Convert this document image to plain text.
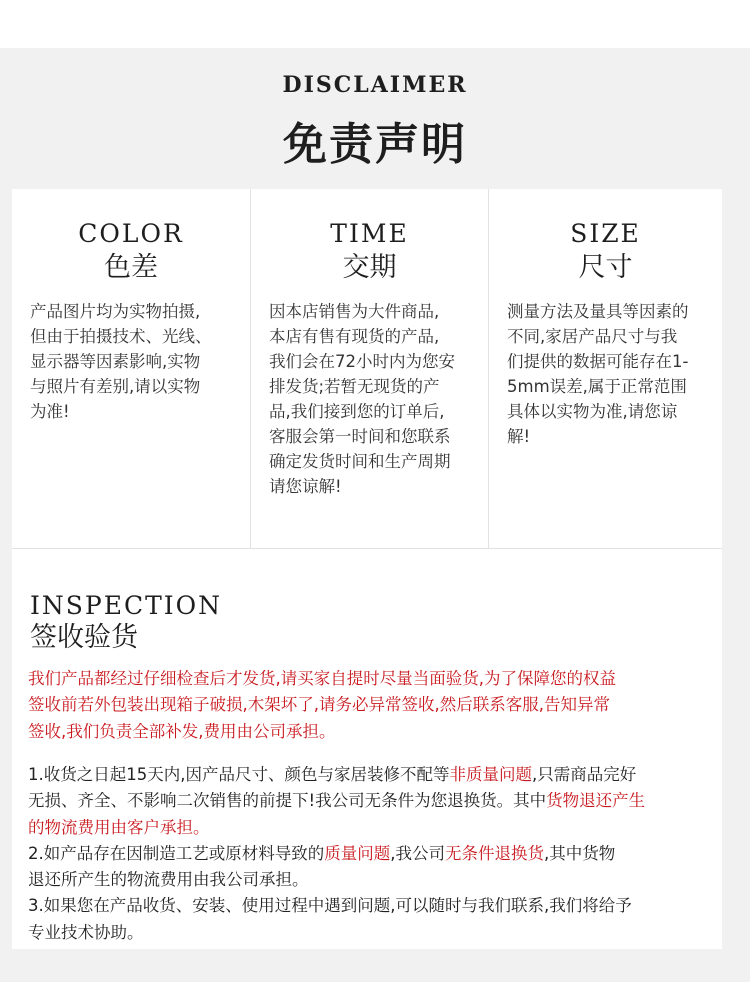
DISCLAIMER
免责声明
COLOR
色差
产品图片均为实物拍摄,
但由于拍摄技术、光线、
显示器等因素影响,实物
与照片有差别,请以实物
为准!
TIME
交期
因本店销售为大件商品,
本店有售有现货的产品,
我们会在72小时内为您安
排发货;若暂无现货的产
品,我们接到您的订单后,
客服会第一时间和您联系
确定发货时间和生产周期
请您谅解!
SIZE
尺寸
测量方法及量具等因素的
不同,家居产品尺寸与我
们提供的数据可能存在1-
5mm误差,属于正常范围
具体以实物为准,请您谅
解!
INSPECTION
签收验货
我们产品都经过仔细检查后才发货,请买家自提时尽量当面验货,为了保障您的权益
签收前若外包装出现箱子破损,木架坏了,请务必异常签收,然后联系客服,告知异常
签收,我们负责全部补发,费用由公司承担。
1.收货之日起15天内,因产品尺寸、颜色与家居装修不配等非质量问题,只需商品完好
无损、齐全、不影响二次销售的前提下!我公司无条件为您退换货。其中货物退还产生
的物流费用由客户承担。
2.如产品存在因制造工艺或原材料导致的质量问题,我公司无条件退换货,其中货物
退还所产生的物流费用由我公司承担。
3.如果您在产品收货、安装、使用过程中遇到问题,可以随时与我们联系,我们将给予
专业技术协助。
